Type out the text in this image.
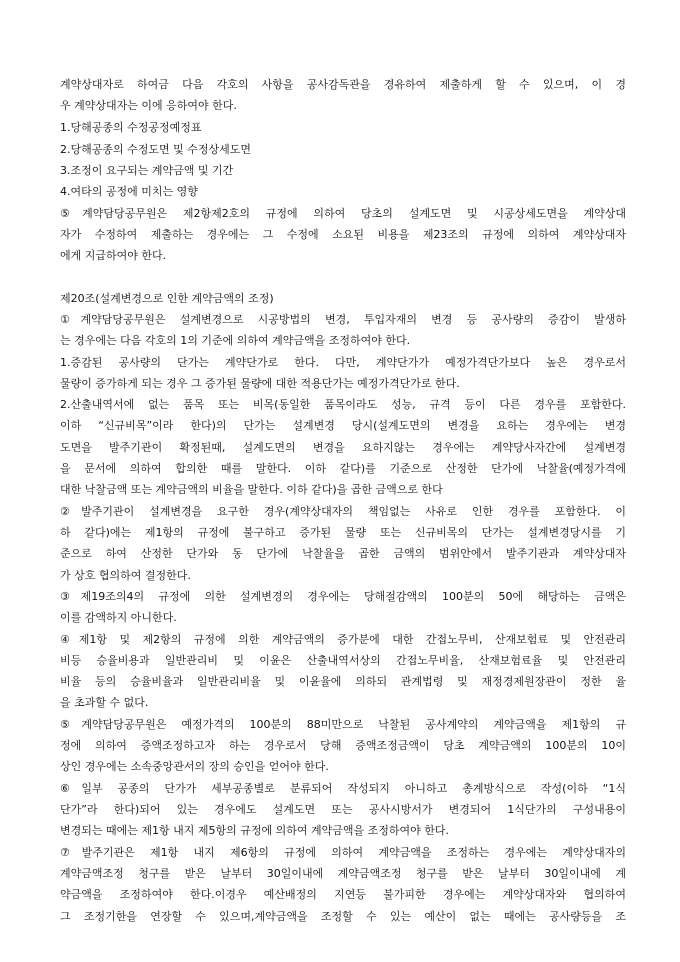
계약상대자로 하여금 다음 각호의 사항을 공사감독관을 경유하여 제출하게 할 수 있으며, 이 경
우 계약상대자는 이에 응하여야 한다.
1.당해공종의 수정공정예정표
2.당해공종의 수정도면 및 수정상세도면
3.조정이 요구되는 계약금액 및 기간
4.여타의 공정에 미치는 영향
⑤계약담당공무원은 제2항제2호의 규정에 의하여 당초의 설계도면 및 시공상세도면을 계약상대
자가 수정하여 제출하는 경우에는 그 수정에 소요된 비용을 제23조의 규정에 의하여 계약상대자
에게 지급하여야 한다.
제20조(설계변경으로 인한 계약금액의 조정)
①계약담당공무원은 설계변경으로 시공방법의 변경, 투입자재의 변경 등 공사량의 증감이 발생하
는 경우에는 다음 각호의 1의 기준에 의하여 계약금액을 조정하여야 한다.
1.증감된 공사량의 단가는 계약단가로 한다. 다만, 계약단가가 예정가격단가보다 높은 경우로서
물량이 증가하게 되는 경우 그 증가된 물량에 대한 적용단가는 예정가격단가로 한다.
2.산출내역서에 없는 품목 또는 비목(동일한 품목이라도 성능, 규격 등이 다른 경우를 포함한다.
이하 “신규비목”이라 한다)의 단가는 설계변경 당시(설계도면의 변경을 요하는 경우에는 변경
도면을 발주기관이 확정된때, 설계도면의 변경을 요하지않는 경우에는 계약당사자간에 설계변경
을 문서에 의하여 합의한 때를 말한다. 이하 같다)를 기준으로 산정한 단가에 낙찰율(예정가격에
대한 낙찰금액 또는 계약금액의 비율을 말한다. 이하 같다)을 곱한 금액으로 한다
②발주기관이 설계변경을 요구한 경우(계약상대자의 책임없는 사유로 인한 경우를 포함한다. 이
하 같다)에는 제1항의 규정에 불구하고 증가된 물량 또는 신규비목의 단가는 설계변경당시를 기
준으로 하여 산정한 단가와 동 단가에 낙찰율을 곱한 금액의 범위안에서 발주기관과 계약상대자
가 상호 협의하여 결정한다.
③제19조의4의 규정에 의한 설계변경의 경우에는 당해절감액의 100분의 50에 해당하는 금액은
이를 감액하지 아니한다.
④제1항 및 제2항의 규정에 의한 계약금액의 증가분에 대한 간접노무비, 산재보험료 및 안전관리
비등 승율비용과 일반관리비 및 이윤은 산출내역서상의 간접노무비율, 산재보험료율 및 안전관리
비율 등의 승율비율과 일반관리비율 및 이윤율에 의하되 관계법령 및 재정경제원장관이 정한 율
을 초과할 수 없다.
⑤계약담당공무원은 예정가격의 100분의 88미만으로 낙찰된 공사계약의 계약금액을 제1항의 규
정에 의하여 증액조정하고자 하는 경우로서 당해 증액조정금액이 당초 계약금액의 100분의 10이
상인 경우에는 소속중앙관서의 장의 승인을 얻어야 한다.
⑥일부 공종의 단가가 세부공종별로 분류되어 작성되지 아니하고 총계방식으로 작성(이하 “1식
단가”라 한다)되어 있는 경우에도 설계도면 또는 공사시방서가 변경되어 1식단가의 구성내용이
변경되는 때에는 제1항 내지 제5항의 규정에 의하여 계약금액을 조정하여야 한다.
⑦발주기관은 제1항 내지 제6항의 규정에 의하여 계약금액을 조정하는 경우에는 계약상대자의
계약금액조정 청구를 받은 날부터 30일이내에 계약금액조정 청구를 받은 날부터 30일이내에 계
약금액을 조정하여야 한다.이경우 예산배정의 지연등 불가피한 경우에는 계약상대자와 협의하여
그 조정기한을 연장할 수 있으며,계약금액을 조정할 수 있는 예산이 없는 때에는 공사량등을 조
